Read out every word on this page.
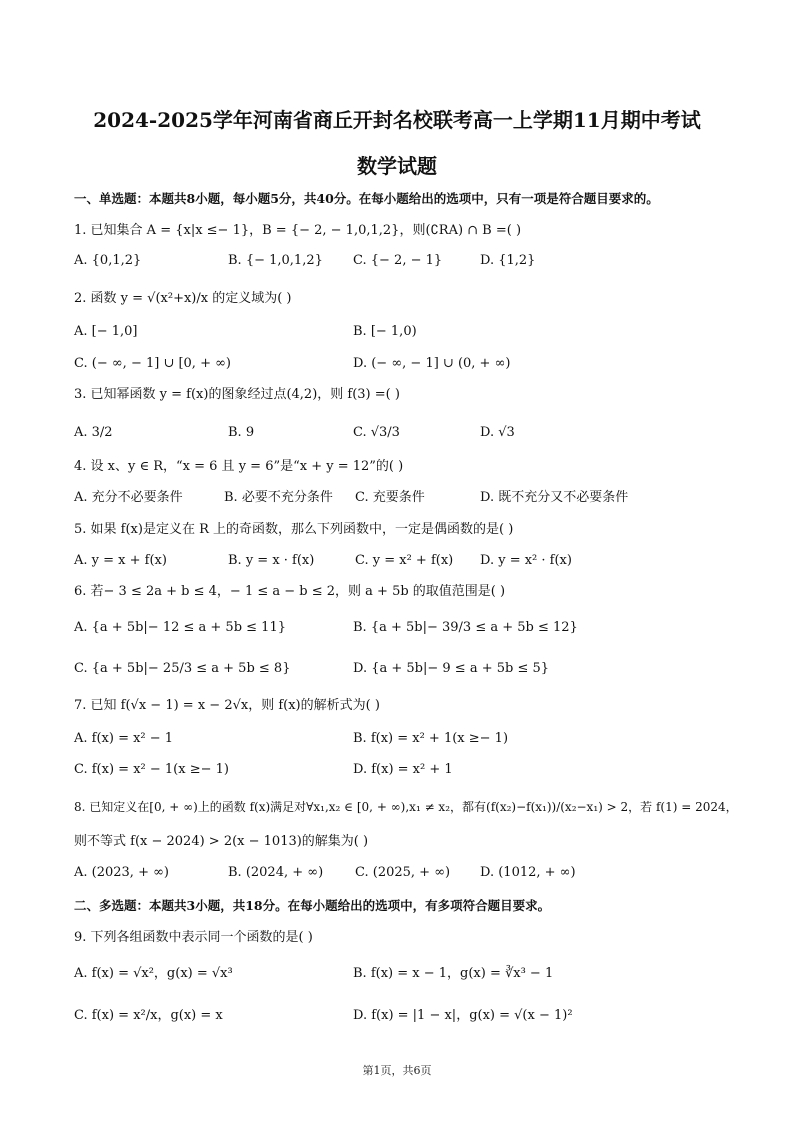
2024-2025学年河南省商丘开封名校联考高一上学期11月期中考试
数学试题
一、单选题：本题共8小题，每小题5分，共40分。在每小题给出的选项中，只有一项是符合题目要求的。
1. 已知集合 A = {x|x ≤− 1}，B = {− 2, − 1,0,1,2}，则(∁RA) ∩ B =( )
A. {0,1,2}	B. {− 1,0,1,2} C. {− 2, − 1}	D. {1,2}
2. 函数 y = √(x²+x)/x 的定义域为( )
A. [− 1,0]	B. [− 1,0)
C. (− ∞, − 1] ∪ [0, + ∞)	D. (− ∞, − 1] ∪ (0, + ∞)
3. 已知幂函数 y = f(x)的图象经过点(4,2)，则 f(3) =( )
A. 3/2	B. 9	C. √3/3	D. √3
4. 设 x、y ∈ R，“x = 6 且 y = 6”是“x + y = 12”的( )
A. 充分不必要条件	B. 必要不充分条件 C. 充要条件	D. 既不充分又不必要条件
5. 如果 f(x)是定义在 R 上的奇函数，那么下列函数中，一定是偶函数的是( )
A. y = x + f(x)	B. y = x · f(x)	C. y = x² + f(x) D. y = x² · f(x)
6. 若− 3 ≤ 2a + b ≤ 4，− 1 ≤ a − b ≤ 2，则 a + 5b 的取值范围是( )
A. {a + 5b|− 12 ≤ a + 5b ≤ 11}	B. {a + 5b|− 39/3 ≤ a + 5b ≤ 12}
C. {a + 5b|− 25/3 ≤ a + 5b ≤ 8}	D. {a + 5b|− 9 ≤ a + 5b ≤ 5}
7. 已知 f(√x − 1) = x − 2√x，则 f(x)的解析式为( )
A. f(x) = x² − 1	B. f(x) = x² + 1(x ≥− 1)
C. f(x) = x² − 1(x ≥− 1)	D. f(x) = x² + 1
8. 已知定义在[0, + ∞)上的函数 f(x)满足对∀x₁,x₂ ∈ [0, + ∞),x₁ ≠ x₂，都有(f(x₂)−f(x₁))/(x₂−x₁) > 2，若 f(1) = 2024，
则不等式 f(x − 2024) > 2(x − 1013)的解集为( )
A. (2023, + ∞)	B. (2024, + ∞) C. (2025, + ∞) D. (1012, + ∞)
二、多选题：本题共3小题，共18分。在每小题给出的选项中，有多项符合题目要求。
9. 下列各组函数中表示同一个函数的是( )
A. f(x) = √x²，g(x) = √x³	B. f(x) = x − 1，g(x) = ∛x³ − 1
C. f(x) = x²/x，g(x) = x	D. f(x) = |1 − x|，g(x) = √(x − 1)²
第1页，共6页
